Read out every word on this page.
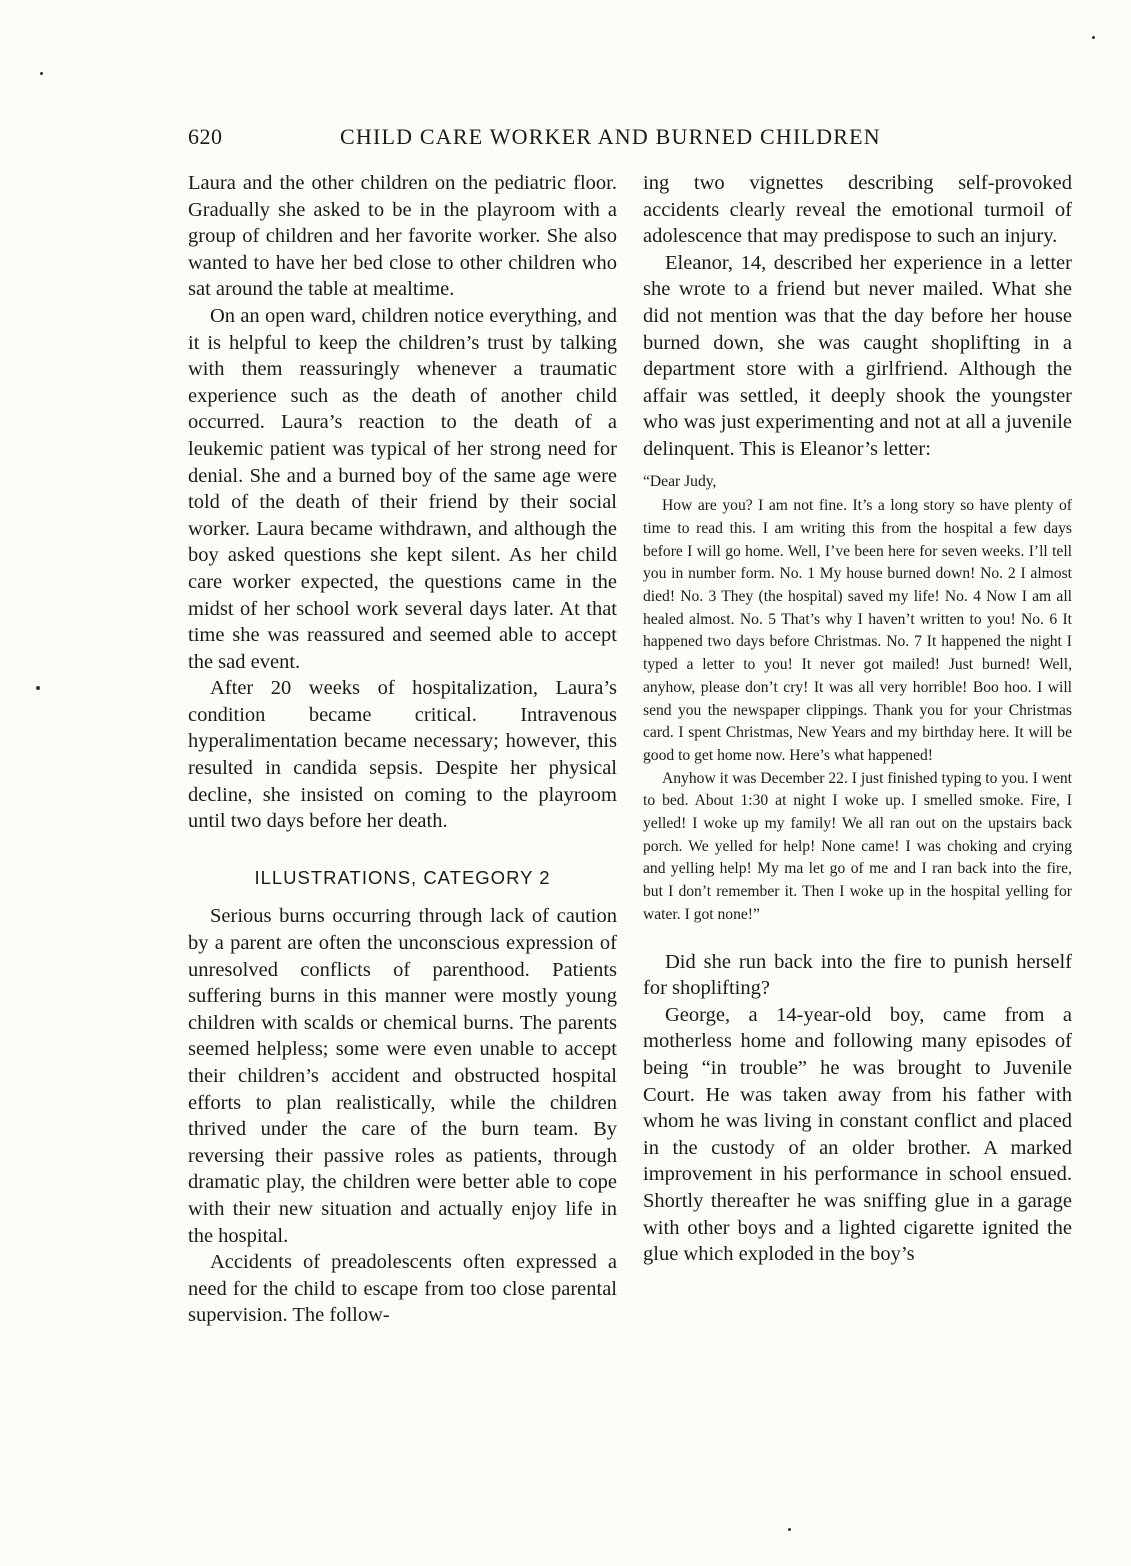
620	CHILD CARE WORKER AND BURNED CHILDREN

Laura and the other children on the pediatric floor. Gradually she asked to be in the playroom with a group of children and her favorite worker. She also wanted to have her bed close to other children who sat around the table at mealtime.

On an open ward, children notice everything, and it is helpful to keep the children’s trust by talking with them reassuringly whenever a traumatic experience such as the death of another child occurred. Laura’s reaction to the death of a leukemic patient was typical of her strong need for denial. She and a burned boy of the same age were told of the death of their friend by their social worker. Laura became withdrawn, and although the boy asked questions she kept silent. As her child care worker expected, the questions came in the midst of her school work several days later. At that time she was reassured and seemed able to accept the sad event.

After 20 weeks of hospitalization, Laura’s condition became critical. Intravenous hyperalimentation became necessary; however, this resulted in candida sepsis. Despite her physical decline, she insisted on coming to the playroom until two days before her death.

ILLUSTRATIONS, CATEGORY 2

Serious burns occurring through lack of caution by a parent are often the unconscious expression of unresolved conflicts of parenthood. Patients suffering burns in this manner were mostly young children with scalds or chemical burns. The parents seemed helpless; some were even unable to accept their children’s accident and obstructed hospital efforts to plan realistically, while the children thrived under the care of the burn team. By reversing their passive roles as patients, through dramatic play, the children were better able to cope with their new situation and actually enjoy life in the hospital.

Accidents of preadolescents often expressed a need for the child to escape from too close parental supervision. The follow-

ing two vignettes describing self-provoked accidents clearly reveal the emotional turmoil of adolescence that may predispose to such an injury.

Eleanor, 14, described her experience in a letter she wrote to a friend but never mailed. What she did not mention was that the day before her house burned down, she was caught shoplifting in a department store with a girlfriend. Although the affair was settled, it deeply shook the youngster who was just experimenting and not at all a juvenile delinquent. This is Eleanor’s letter:

“Dear Judy,

How are you? I am not fine. It’s a long story so have plenty of time to read this. I am writing this from the hospital a few days before I will go home. Well, I’ve been here for seven weeks. I’ll tell you in number form. No. 1 My house burned down! No. 2 I almost died! No. 3 They (the hospital) saved my life! No. 4 Now I am all healed almost. No. 5 That’s why I haven’t written to you! No. 6 It happened two days before Christmas. No. 7 It happened the night I typed a letter to you! It never got mailed! Just burned! Well, anyhow, please don’t cry! It was all very horrible! Boo hoo. I will send you the newspaper clippings. Thank you for your Christmas card. I spent Christmas, New Years and my birthday here. It will be good to get home now. Here’s what happened!

Anyhow it was December 22. I just finished typing to you. I went to bed. About 1:30 at night I woke up. I smelled smoke. Fire, I yelled! I woke up my family! We all ran out on the upstairs back porch. We yelled for help! None came! I was choking and crying and yelling help! My ma let go of me and I ran back into the fire, but I don’t remember it. Then I woke up in the hospital yelling for water. I got none!”

Did she run back into the fire to punish herself for shoplifting?

George, a 14-year-old boy, came from a motherless home and following many episodes of being “in trouble” he was brought to Juvenile Court. He was taken away from his father with whom he was living in constant conflict and placed in the custody of an older brother. A marked improvement in his performance in school ensued. Shortly thereafter he was sniffing glue in a garage with other boys and a lighted cigarette ignited the glue which exploded in the boy’s
